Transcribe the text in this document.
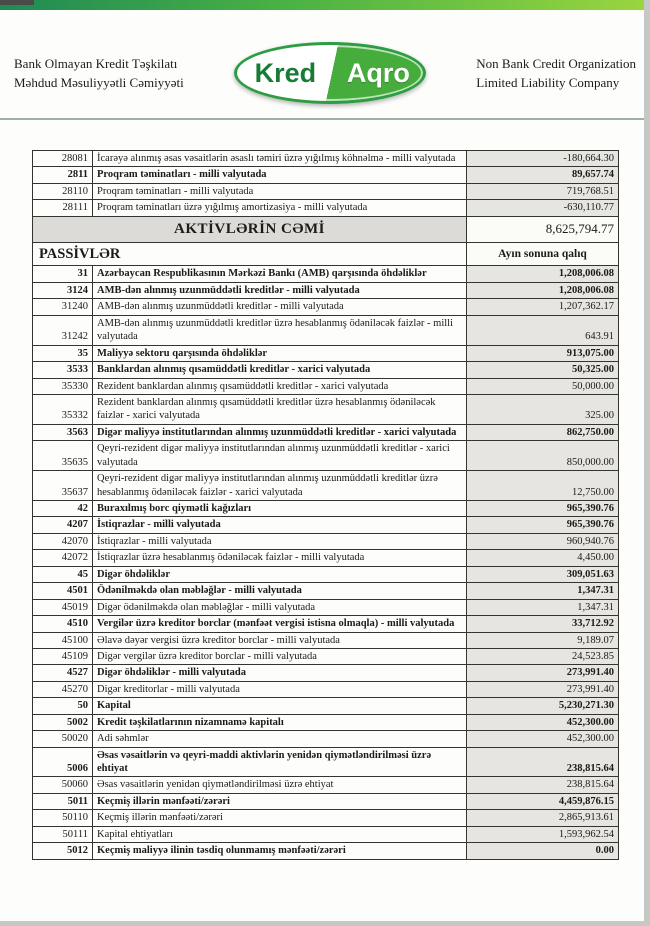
Bank Olmayan Kredit Təşkilatı
Məhdud Məsuliyyətli Cəmiyyəti	Kred	Aqro	Non Bank Credit Organization
Limited Liability Company
28081	İcarəyə alınmış əsas vəsaitlərin əsaslı təmiri üzrə yığılmış köhnəlmə - milli valyutada	-180,664.30
2811	Proqram təminatları - milli valyutada	89,657.74
28110	Proqram təminatları - milli valyutada	719,768.51
28111	Proqram təminatları üzrə yığılmış amortizasiya - milli valyutada	-630,110.77
AKTİVLƏRİN CƏMİ		8,625,794.77
PASSİVLƏR		Ayın sonuna qalıq
31	Azərbaycan Respublikasının Mərkəzi Bankı (AMB) qarşısında öhdəliklər	1,208,006.08
3124	AMB-dən alınmış uzunmüddətli kreditlər - milli valyutada	1,208,006.08
31240	AMB-dən alınmış uzunmüddətli kreditlər - milli valyutada	1,207,362.17
31242	AMB-dən alınmış uzunmüddətli kreditlər üzrə hesablanmış ödəniləcək faizlər - milli valyutada	643.91
35	Maliyyə sektoru qarşısında öhdəliklər	913,075.00
3533	Banklardan alınmış qısamüddətli kreditlər - xarici valyutada	50,325.00
35330	Rezident banklardan alınmış qısamüddətli kreditlər - xarici valyutada	50,000.00
35332	Rezident banklardan alınmış qısamüddətli kreditlər üzrə hesablanmış ödəniləcək faizlər - xarici valyutada	325.00
3563	Digər maliyyə institutlarından alınmış uzunmüddətli kreditlər - xarici valyutada	862,750.00
35635	Qeyri-rezident digər maliyyə institutlarından alınmış uzunmüddətli kreditlər - xarici valyutada	850,000.00
35637	Qeyri-rezident digər maliyyə institutlarından alınmış uzunmüddətli kreditlər üzrə hesablanmış ödəniləcək faizlər - xarici valyutada	12,750.00
42	Buraxılmış borc qiymətli kağızları	965,390.76
4207	İstiqrazlar - milli valyutada	965,390.76
42070	İstiqrazlar - milli valyutada	960,940.76
42072	İstiqrazlar üzrə hesablanmış ödəniləcək faizlər - milli valyutada	4,450.00
45	Digər öhdəliklər	309,051.63
4501	Ödənilməkdə olan məbləğlər - milli valyutada	1,347.31
45019	Digər ödənilməkdə olan məbləğlər - milli valyutada	1,347.31
4510	Vergilər üzrə kreditor borclar (mənfəət vergisi istisna olmaqla) - milli valyutada	33,712.92
45100	Əlavə dəyər vergisi üzrə kreditor borclar - milli valyutada	9,189.07
45109	Digər vergilər üzrə kreditor borclar - milli valyutada	24,523.85
4527	Digər öhdəliklər - milli valyutada	273,991.40
45270	Digər kreditorlar - milli valyutada	273,991.40
50	Kapital	5,230,271.30
5002	Kredit təşkilatlarının nizamnamə kapitalı	452,300.00
50020	Adi səhmlər	452,300.00
5006	Əsas vəsaitlərin və qeyri-maddi aktivlərin yenidən qiymətləndirilməsi üzrə ehtiyat	238,815.64
50060	Əsas vəsaitlərin yenidən qiymətləndirilməsi üzrə ehtiyat	238,815.64
5011	Keçmiş illərin mənfəəti/zərəri	4,459,876.15
50110	Keçmiş illərin mənfəəti/zərəri	2,865,913.61
50111	Kapital ehtiyatları	1,593,962.54
5012	Keçmiş maliyyə ilinin təsdiq olunmamış mənfəəti/zərəri	0.00
